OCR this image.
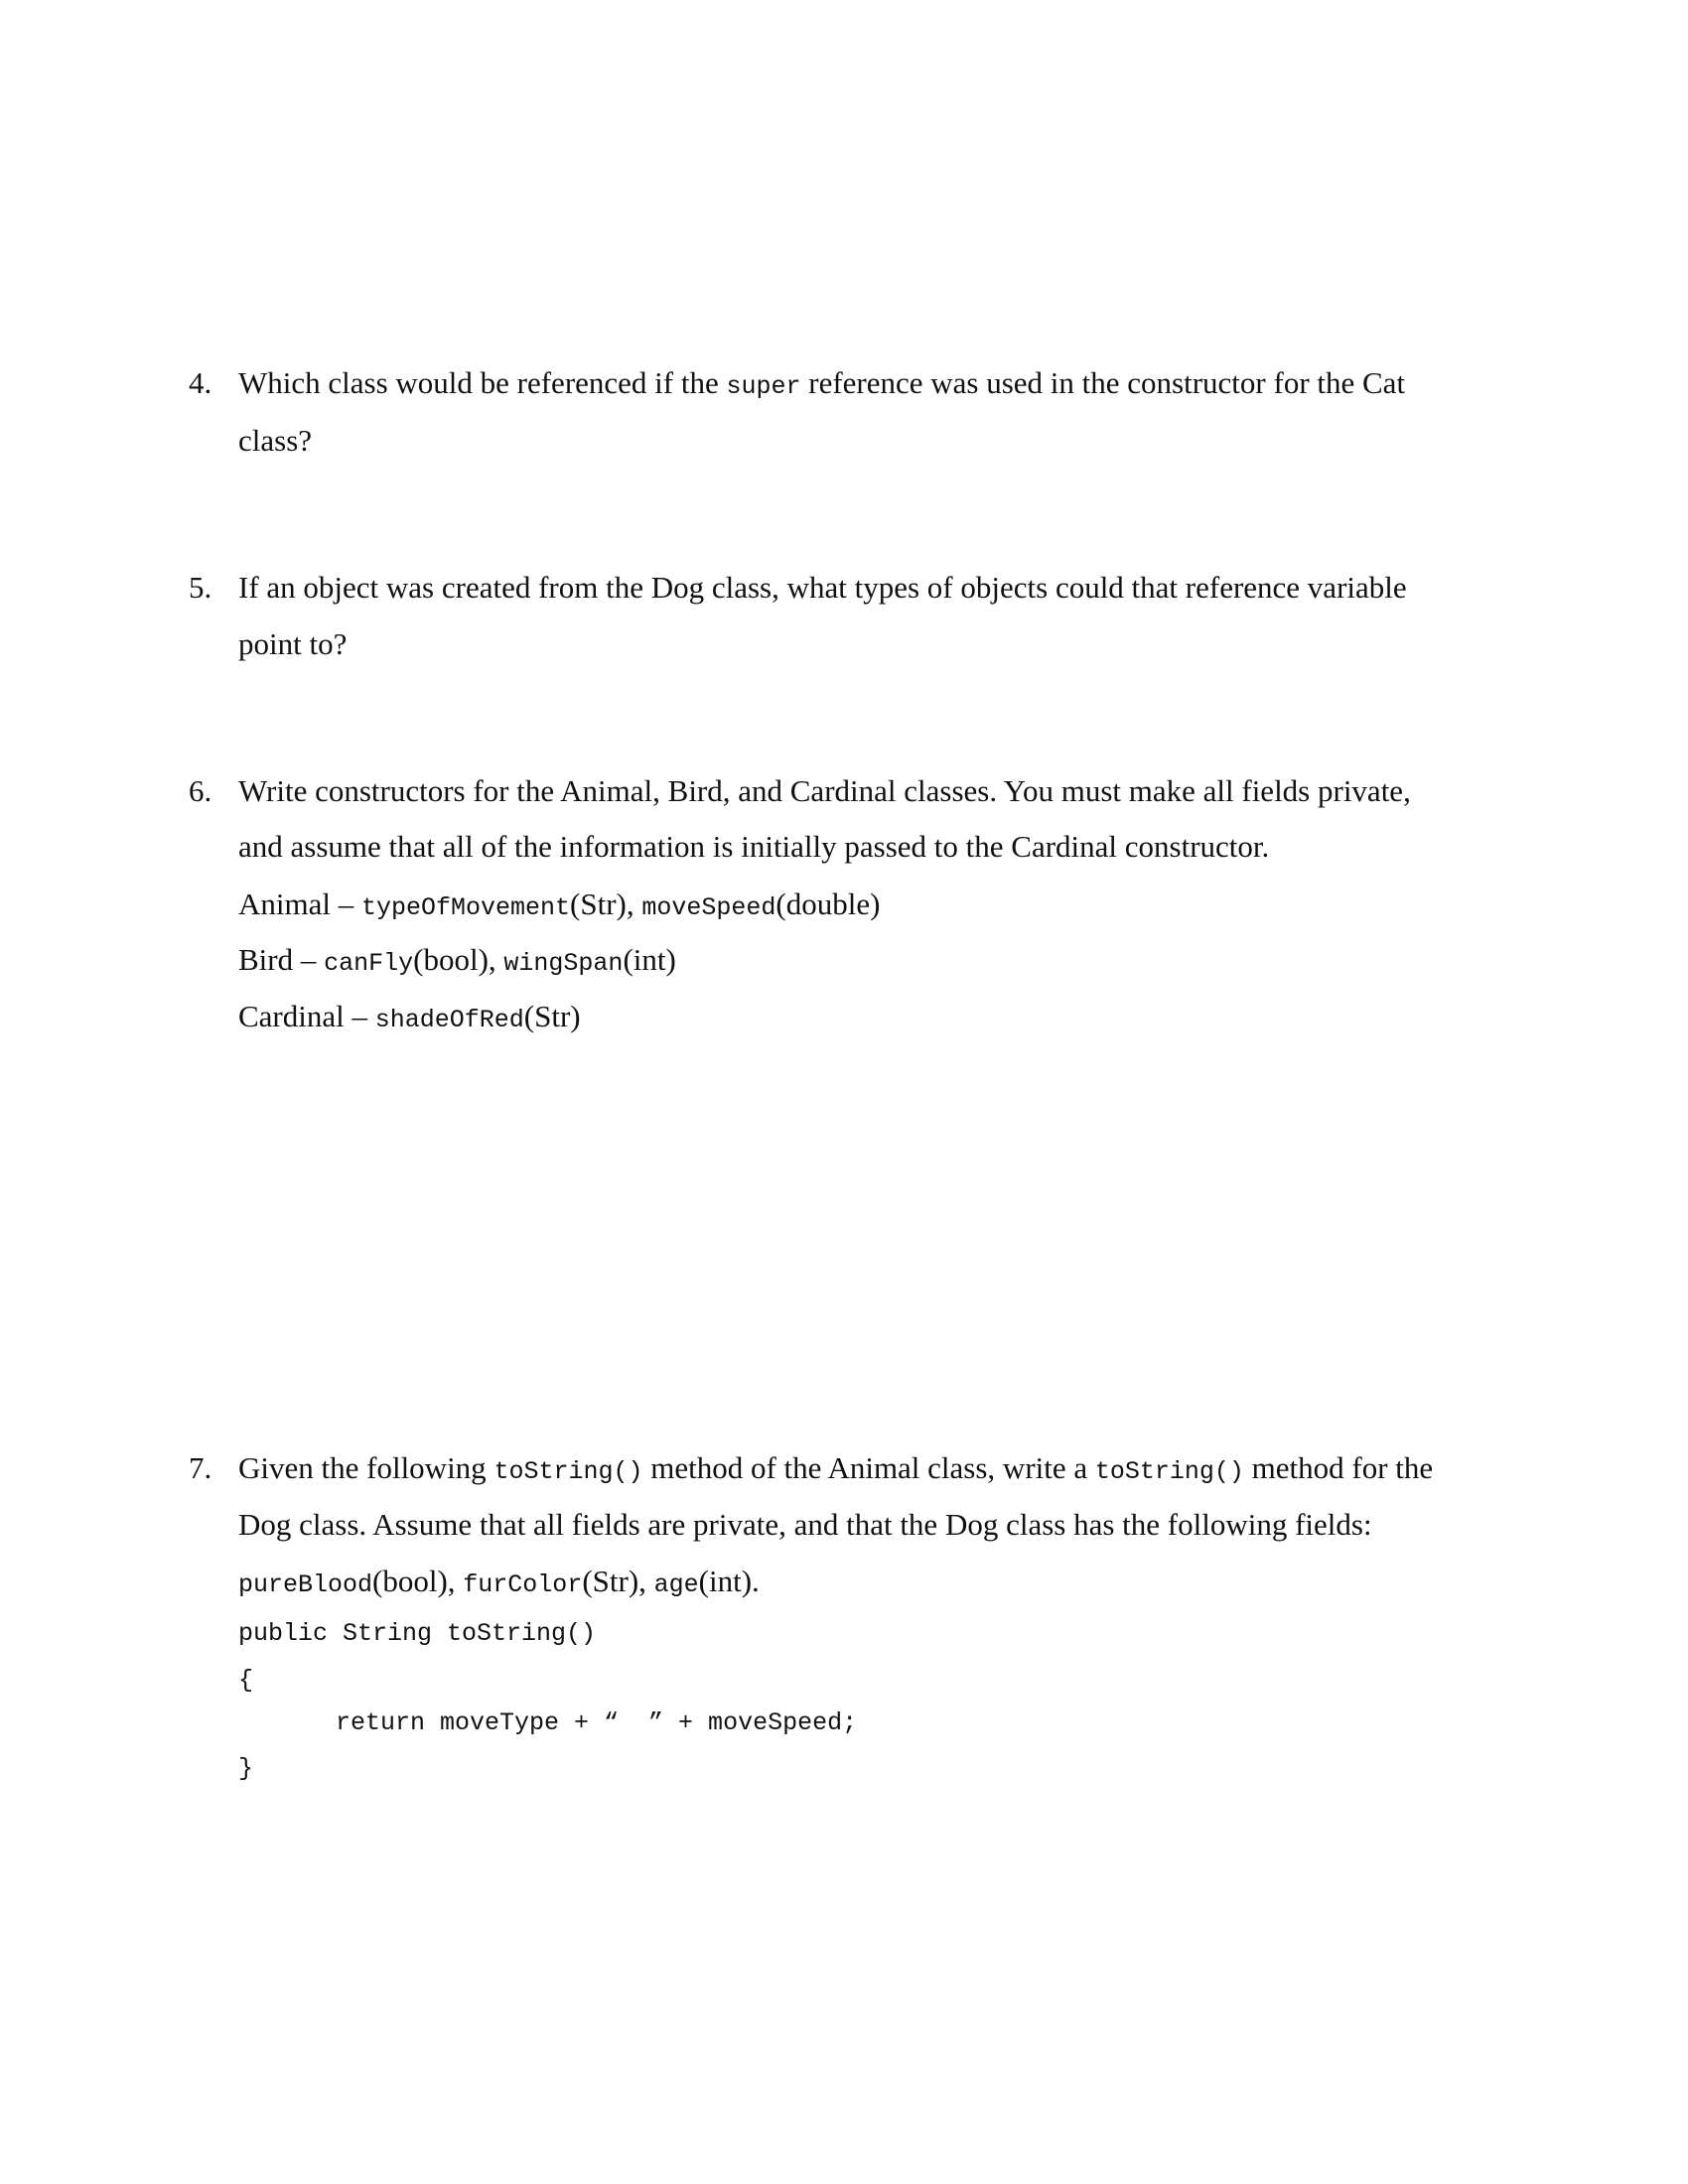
4. Which class would be referenced if the super reference was used in the constructor for the Cat
class?
5. If an object was created from the Dog class, what types of objects could that reference variable
point to?
6. Write constructors for the Animal, Bird, and Cardinal classes. You must make all fields private,
and assume that all of the information is initially passed to the Cardinal constructor.
Animal – typeOfMovement(Str), moveSpeed(double)
Bird – canFly(bool), wingSpan(int)
Cardinal – shadeOfRed(Str)
7. Given the following toString() method of the Animal class, write a toString() method for the
Dog class. Assume that all fields are private, and that the Dog class has the following fields:
pureBlood(bool), furColor(Str), age(int).
public String toString()
{
return moveType + “  ” + moveSpeed;
}
